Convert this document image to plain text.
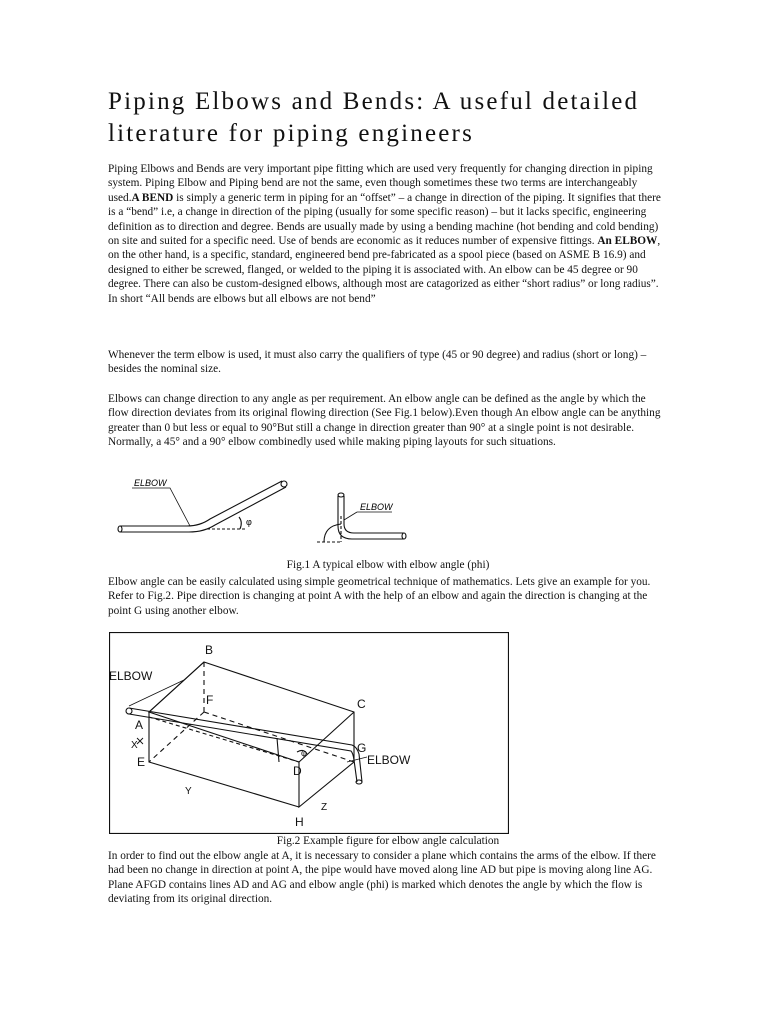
Piping Elbows and Bends: A useful detailed literature for piping engineers

Piping Elbows and Bends are very important pipe fitting which are used very frequently for changing direction in piping system. Piping Elbow and Piping bend are not the same, even though sometimes these two terms are interchangeably used.A BEND is simply a generic term in piping for an “offset” – a change in direction of the piping. It signifies that there is a “bend” i.e, a change in direction of the piping (usually for some specific reason) – but it lacks specific, engineering definition as to direction and degree. Bends are usually made by using a bending machine (hot bending and cold bending) on site and suited for a specific need. Use of bends are economic as it reduces number of expensive fittings. An ELBOW, on the other hand, is a specific, standard, engineered bend pre-fabricated as a spool piece (based on ASME B 16.9) and designed to either be screwed, flanged, or welded to the piping it is associated with. An elbow can be 45 degree or 90 degree. There can also be custom-designed elbows, although most are catagorized as either “short radius” or long radius”.
In short “All bends are elbows but all elbows are not bend”

Whenever the term elbow is used, it must also carry the qualifiers of type (45 or 90 degree) and radius (short or long) – besides the nominal size.

Elbows can change direction to any angle as per requirement. An elbow angle can be defined as the angle by which the flow direction deviates from its original flowing direction (See Fig.1 below).Even though An elbow angle can be anything greater than 0 but less or equal to 90°But still a change in direction greater than 90° at a single point is not desirable. Normally, a 45° and a 90° elbow combinedly used while making piping layouts for such situations.

ELBOW
ELBOW
φ

Fig.1 A typical elbow with elbow angle (phi)

Elbow angle can be easily calculated using simple geometrical technique of mathematics. Lets give an example for you. Refer to Fig.2. Pipe direction is changing at point A with the help of an elbow and again the direction is changing at the point G using another elbow.

ELBOW
ELBOW
A
B
C
D
E
F
G
H
X
Y
Z
φ

Fig.2 Example figure for elbow angle calculation

In order to find out the elbow angle at A, it is necessary to consider a plane which contains the arms of the elbow. If there had been no change in direction at point A, the pipe would have moved along line AD but pipe is moving along line AG. Plane AFGD contains lines AD and AG and elbow angle (phi) is marked which denotes the angle by which the flow is deviating from its original direction.
